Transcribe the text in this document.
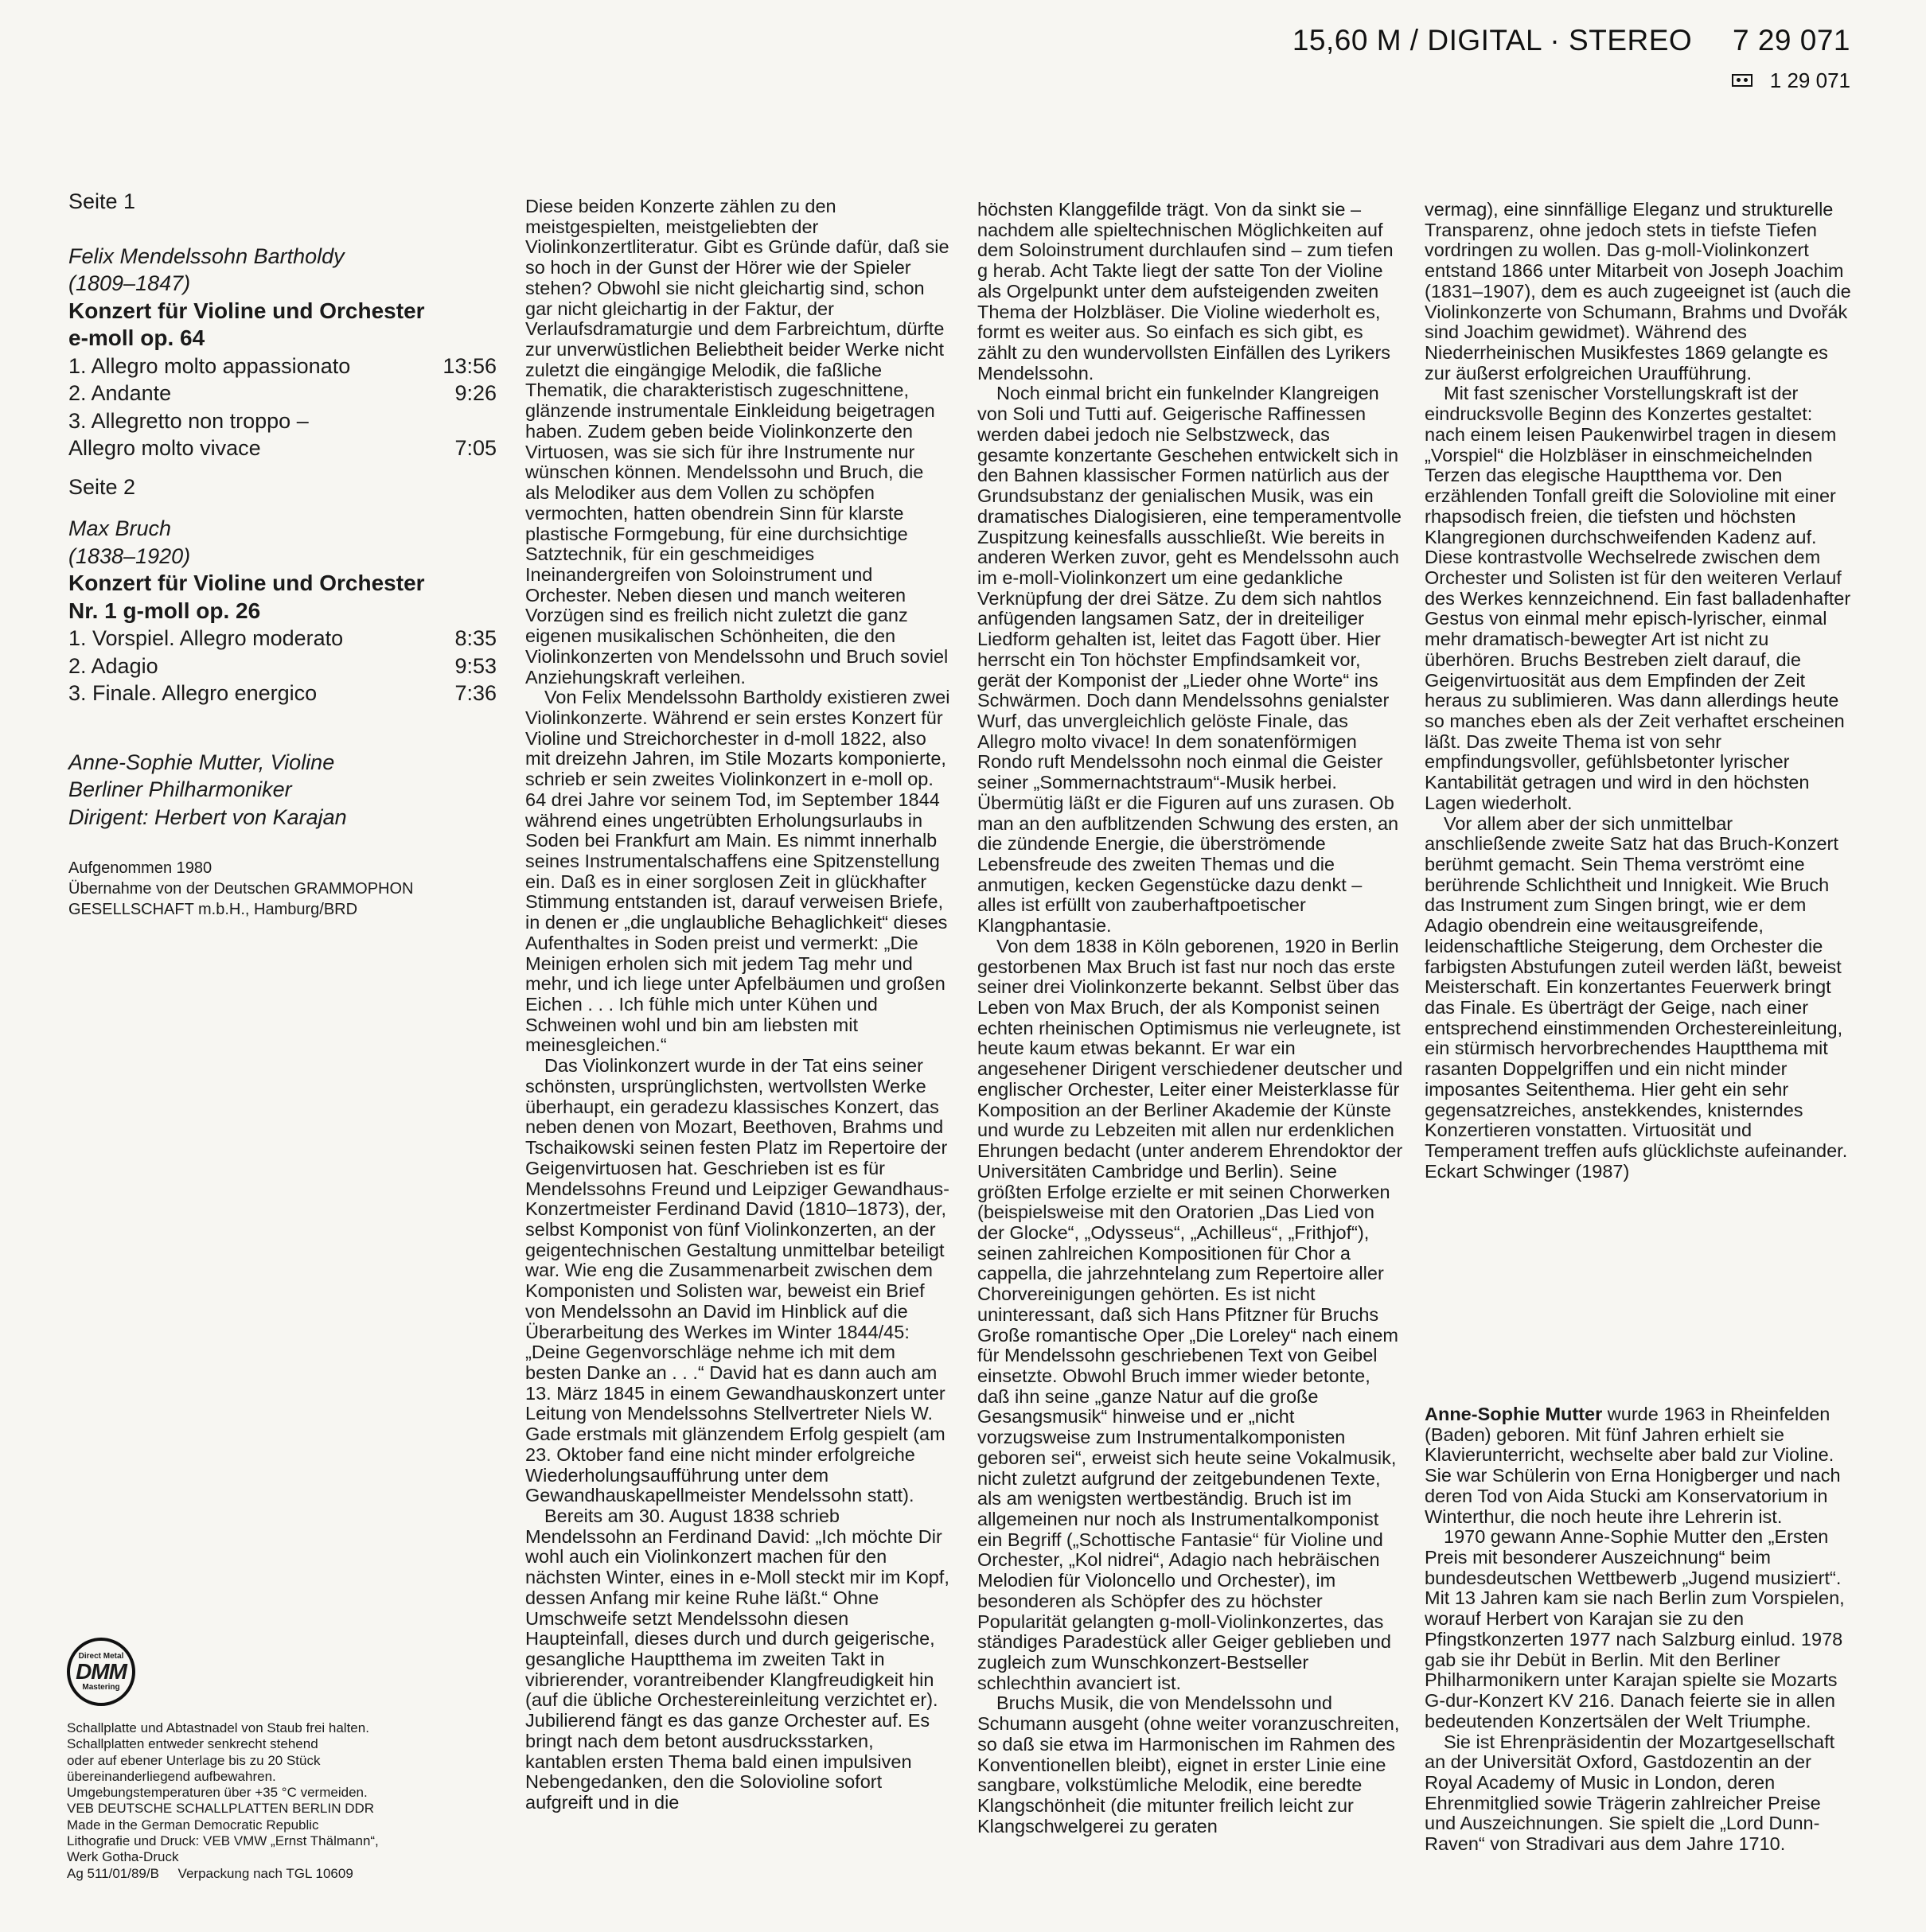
15,60 M / DIGITAL · STEREO 7 29 071
1 29 071
Seite 1
Felix Mendelssohn Bartholdy
(1809–1847)
Konzert für Violine und Orchester
e-moll op. 64
1. Allegro molto appassionato	13:56
2. Andante	9:26
3. Allegretto non troppo –
Allegro molto vivace	7:05
Seite 2
Max Bruch
(1838–1920)
Konzert für Violine und Orchester
Nr. 1 g-moll op. 26
1. Vorspiel. Allegro moderato	8:35
2. Adagio	9:53
3. Finale. Allegro energico	7:36
Anne-Sophie Mutter, Violine
Berliner Philharmoniker
Dirigent: Herbert von Karajan
Aufgenommen 1980
Übernahme von der Deutschen GRAMMOPHON
GESELLSCHAFT m.b.H., Hamburg/BRD
Direct Metal
DMM
Mastering
Schallplatte und Abtastnadel von Staub frei halten.
Schallplatten entweder senkrecht stehend
oder auf ebener Unterlage bis zu 20 Stück
übereinanderliegend aufbewahren.
Umgebungstemperaturen über +35 °C vermeiden.
VEB DEUTSCHE SCHALLPLATTEN BERLIN DDR
Made in the German Democratic Republic
Lithografie und Druck: VEB VMW „Ernst Thälmann“,
Werk Gotha-Druck
Ag 511/01/89/B     Verpackung nach TGL 10609

Diese beiden Konzerte zählen zu den meistgespielten, meistgeliebten der Violinkonzertliteratur. Gibt es Gründe dafür, daß sie so hoch in der Gunst der Hörer wie der Spieler stehen? Obwohl sie nicht gleichartig sind, schon gar nicht gleichartig in der Faktur, der Verlaufsdramaturgie und dem Farbreichtum, dürfte zur unverwüstlichen Beliebtheit beider Werke nicht zuletzt die eingängige Melodik, die faßliche Thematik, die charakteristisch zugeschnittene, glänzende instrumentale Einkleidung beigetragen haben. Zudem geben beide Violinkonzerte den Virtuosen, was sie sich für ihre Instrumente nur wünschen können. Mendelssohn und Bruch, die als Melodiker aus dem Vollen zu schöpfen vermochten, hatten obendrein Sinn für klarste plastische Formgebung, für eine durchsichtige Satztechnik, für ein geschmeidiges Ineinandergreifen von Soloinstrument und Orchester. Neben diesen und manch weiteren Vorzügen sind es freilich nicht zuletzt die ganz eigenen musikalischen Schönheiten, die den Violinkonzerten von Mendelssohn und Bruch soviel Anziehungskraft verleihen.

Von Felix Mendelssohn Bartholdy existieren zwei Violinkonzerte. Während er sein erstes Konzert für Violine und Streichorchester in d-moll 1822, also mit dreizehn Jahren, im Stile Mozarts komponierte, schrieb er sein zweites Violinkonzert in e-moll op. 64 drei Jahre vor seinem Tod, im September 1844 während eines ungetrübten Erholungsurlaubs in Soden bei Frankfurt am Main. Es nimmt innerhalb seines Instrumentalschaffens eine Spitzenstellung ein. Daß es in einer sorglosen Zeit in glückhafter Stimmung entstanden ist, darauf verweisen Briefe, in denen er „die unglaubliche Behaglichkeit“ dieses Aufenthaltes in Soden preist und vermerkt: „Die Meinigen erholen sich mit jedem Tag mehr und mehr, und ich liege unter Apfelbäumen und großen Eichen . . . Ich fühle mich unter Kühen und Schweinen wohl und bin am liebsten mit meinesgleichen.“

Das Violinkonzert wurde in der Tat eins seiner schönsten, ursprünglichsten, wertvollsten Werke überhaupt, ein geradezu klassisches Konzert, das neben denen von Mozart, Beethoven, Brahms und Tschaikowski seinen festen Platz im Repertoire der Geigenvirtuosen hat. Geschrieben ist es für Mendelssohns Freund und Leipziger Gewandhaus-Konzertmeister Ferdinand David (1810–1873), der, selbst Komponist von fünf Violinkonzerten, an der geigentechnischen Gestaltung unmittelbar beteiligt war. Wie eng die Zusammenarbeit zwischen dem Komponisten und Solisten war, beweist ein Brief von Mendelssohn an David im Hinblick auf die Überarbeitung des Werkes im Winter 1844/45: „Deine Gegenvorschläge nehme ich mit dem besten Danke an . . .“ David hat es dann auch am 13. März 1845 in einem Gewandhauskonzert unter Leitung von Mendelssohns Stellvertreter Niels W. Gade erstmals mit glänzendem Erfolg gespielt (am 23. Oktober fand eine nicht minder erfolgreiche Wiederholungsaufführung unter dem Gewandhauskapellmeister Mendelssohn statt).

Bereits am 30. August 1838 schrieb Mendelssohn an Ferdinand David: „Ich möchte Dir wohl auch ein Violinkonzert machen für den nächsten Winter, eines in e-Moll steckt mir im Kopf, dessen Anfang mir keine Ruhe läßt.“ Ohne Umschweife setzt Mendelssohn diesen Haupteinfall, dieses durch und durch geigerische, gesangliche Hauptthema im zweiten Takt in vibrierender, vorantreibender Klangfreudigkeit hin (auf die übliche Orchestereinleitung verzichtet er). Jubilierend fängt es das ganze Orchester auf. Es bringt nach dem betont ausdrucksstarken, kantablen ersten Thema bald einen impulsiven Nebengedanken, den die Solovioline sofort aufgreift und in die

höchsten Klanggefilde trägt. Von da sinkt sie – nachdem alle spieltechnischen Möglichkeiten auf dem Soloinstrument durchlaufen sind – zum tiefen g herab. Acht Takte liegt der satte Ton der Violine als Orgelpunkt unter dem aufsteigenden zweiten Thema der Holzbläser. Die Violine wiederholt es, formt es weiter aus. So einfach es sich gibt, es zählt zu den wundervollsten Einfällen des Lyrikers Mendelssohn.

Noch einmal bricht ein funkelnder Klangreigen von Soli und Tutti auf. Geigerische Raffinessen werden dabei jedoch nie Selbstzweck, das gesamte konzertante Geschehen entwickelt sich in den Bahnen klassischer Formen natürlich aus der Grundsubstanz der genialischen Musik, was ein dramatisches Dialogisieren, eine temperamentvolle Zuspitzung keinesfalls ausschließt. Wie bereits in anderen Werken zuvor, geht es Mendelssohn auch im e-moll-Violinkonzert um eine gedankliche Verknüpfung der drei Sätze. Zu dem sich nahtlos anfügenden langsamen Satz, der in dreiteiliger Liedform gehalten ist, leitet das Fagott über. Hier herrscht ein Ton höchster Empfindsamkeit vor, gerät der Komponist der „Lieder ohne Worte“ ins Schwärmen. Doch dann Mendelssohns genialster Wurf, das unvergleichlich gelöste Finale, das Allegro molto vivace! In dem sonatenförmigen Rondo ruft Mendelssohn noch einmal die Geister seiner „Sommernachtstraum“-Musik herbei. Übermütig läßt er die Figuren auf uns zurasen. Ob man an den aufblitzenden Schwung des ersten, an die zündende Energie, die überströmende Lebensfreude des zweiten Themas und die anmutigen, kecken Gegenstücke dazu denkt – alles ist erfüllt von zauberhaftpoetischer Klangphantasie.

Von dem 1838 in Köln geborenen, 1920 in Berlin gestorbenen Max Bruch ist fast nur noch das erste seiner drei Violinkonzerte bekannt. Selbst über das Leben von Max Bruch, der als Komponist seinen echten rheinischen Optimismus nie verleugnete, ist heute kaum etwas bekannt. Er war ein angesehener Dirigent verschiedener deutscher und englischer Orchester, Leiter einer Meisterklasse für Komposition an der Berliner Akademie der Künste und wurde zu Lebzeiten mit allen nur erdenklichen Ehrungen bedacht (unter anderem Ehrendoktor der Universitäten Cambridge und Berlin). Seine größten Erfolge erzielte er mit seinen Chorwerken (beispielsweise mit den Oratorien „Das Lied von der Glocke“, „Odysseus“, „Achilleus“, „Frithjof“), seinen zahlreichen Kompositionen für Chor a cappella, die jahrzehntelang zum Repertoire aller Chorvereinigungen gehörten. Es ist nicht uninteressant, daß sich Hans Pfitzner für Bruchs Große romantische Oper „Die Loreley“ nach einem für Mendelssohn geschriebenen Text von Geibel einsetzte. Obwohl Bruch immer wieder betonte, daß ihn seine „ganze Natur auf die große Gesangsmusik“ hinweise und er „nicht vorzugsweise zum Instrumentalkomponisten geboren sei“, erweist sich heute seine Vokalmusik, nicht zuletzt aufgrund der zeitgebundenen Texte, als am wenigsten wertbeständig. Bruch ist im allgemeinen nur noch als Instrumentalkomponist ein Begriff („Schottische Fantasie“ für Violine und Orchester, „Kol nidrei“, Adagio nach hebräischen Melodien für Violoncello und Orchester), im besonderen als Schöpfer des zu höchster Popularität gelangten g-moll-Violinkonzertes, das ständiges Paradestück aller Geiger geblieben und zugleich zum Wunschkonzert-Bestseller schlechthin avanciert ist.

Bruchs Musik, die von Mendelssohn und Schumann ausgeht (ohne weiter voranzuschreiten, so daß sie etwa im Harmonischen im Rahmen des Konventionellen bleibt), eignet in erster Linie eine sangbare, volkstümliche Melodik, eine beredte Klangschönheit (die mitunter freilich leicht zur Klangschwelgerei zu geraten

vermag), eine sinnfällige Eleganz und strukturelle Transparenz, ohne jedoch stets in tiefste Tiefen vordringen zu wollen. Das g-moll-Violinkonzert entstand 1866 unter Mitarbeit von Joseph Joachim (1831–1907), dem es auch zugeeignet ist (auch die Violinkonzerte von Schumann, Brahms und Dvořák sind Joachim gewidmet). Während des Niederrheinischen Musikfestes 1869 gelangte es zur äußerst erfolgreichen Uraufführung.

Mit fast szenischer Vorstellungskraft ist der eindrucksvolle Beginn des Konzertes gestaltet: nach einem leisen Paukenwirbel tragen in diesem „Vorspiel“ die Holzbläser in einschmeichelnden Terzen das elegische Hauptthema vor. Den erzählenden Tonfall greift die Solovioline mit einer rhapsodisch freien, die tiefsten und höchsten Klangregionen durchschweifenden Kadenz auf. Diese kontrastvolle Wechselrede zwischen dem Orchester und Solisten ist für den weiteren Verlauf des Werkes kennzeichnend. Ein fast balladenhafter Gestus von einmal mehr episch-lyrischer, einmal mehr dramatisch-bewegter Art ist nicht zu überhören. Bruchs Bestreben zielt darauf, die Geigenvirtuosität aus dem Empfinden der Zeit heraus zu sublimieren. Was dann allerdings heute so manches eben als der Zeit verhaftet erscheinen läßt. Das zweite Thema ist von sehr empfindungsvoller, gefühlsbetonter lyrischer Kantabilität getragen und wird in den höchsten Lagen wiederholt.

Vor allem aber der sich unmittelbar anschließende zweite Satz hat das Bruch-Konzert berühmt gemacht. Sein Thema verströmt eine berührende Schlichtheit und Innigkeit. Wie Bruch das Instrument zum Singen bringt, wie er dem Adagio obendrein eine weitausgreifende, leidenschaftliche Steigerung, dem Orchester die farbigsten Abstufungen zuteil werden läßt, beweist Meisterschaft. Ein konzertantes Feuerwerk bringt das Finale. Es überträgt der Geige, nach einer entsprechend einstimmenden Orchestereinleitung, ein stürmisch hervorbrechendes Hauptthema mit rasanten Doppelgriffen und ein nicht minder imposantes Seitenthema. Hier geht ein sehr gegensatzreiches, anstekkendes, knisterndes Konzertieren vonstatten. Virtuosität und Temperament treffen aufs glücklichste aufeinander.

Eckart Schwinger (1987)

Anne-Sophie Mutter wurde 1963 in Rheinfelden (Baden) geboren. Mit fünf Jahren erhielt sie Klavierunterricht, wechselte aber bald zur Violine. Sie war Schülerin von Erna Honigberger und nach deren Tod von Aida Stucki am Konservatorium in Winterthur, die noch heute ihre Lehrerin ist.

1970 gewann Anne-Sophie Mutter den „Ersten Preis mit besonderer Auszeichnung“ beim bundesdeutschen Wettbewerb „Jugend musiziert“. Mit 13 Jahren kam sie nach Berlin zum Vorspielen, worauf Herbert von Karajan sie zu den Pfingstkonzerten 1977 nach Salzburg einlud. 1978 gab sie ihr Debüt in Berlin. Mit den Berliner Philharmonikern unter Karajan spielte sie Mozarts G-dur-Konzert KV 216. Danach feierte sie in allen bedeutenden Konzertsälen der Welt Triumphe.

Sie ist Ehrenpräsidentin der Mozartgesellschaft an der Universität Oxford, Gastdozentin an der Royal Academy of Music in London, deren Ehrenmitglied sowie Trägerin zahlreicher Preise und Auszeichnungen. Sie spielt die „Lord Dunn-Raven“ von Stradivari aus dem Jahre 1710.
